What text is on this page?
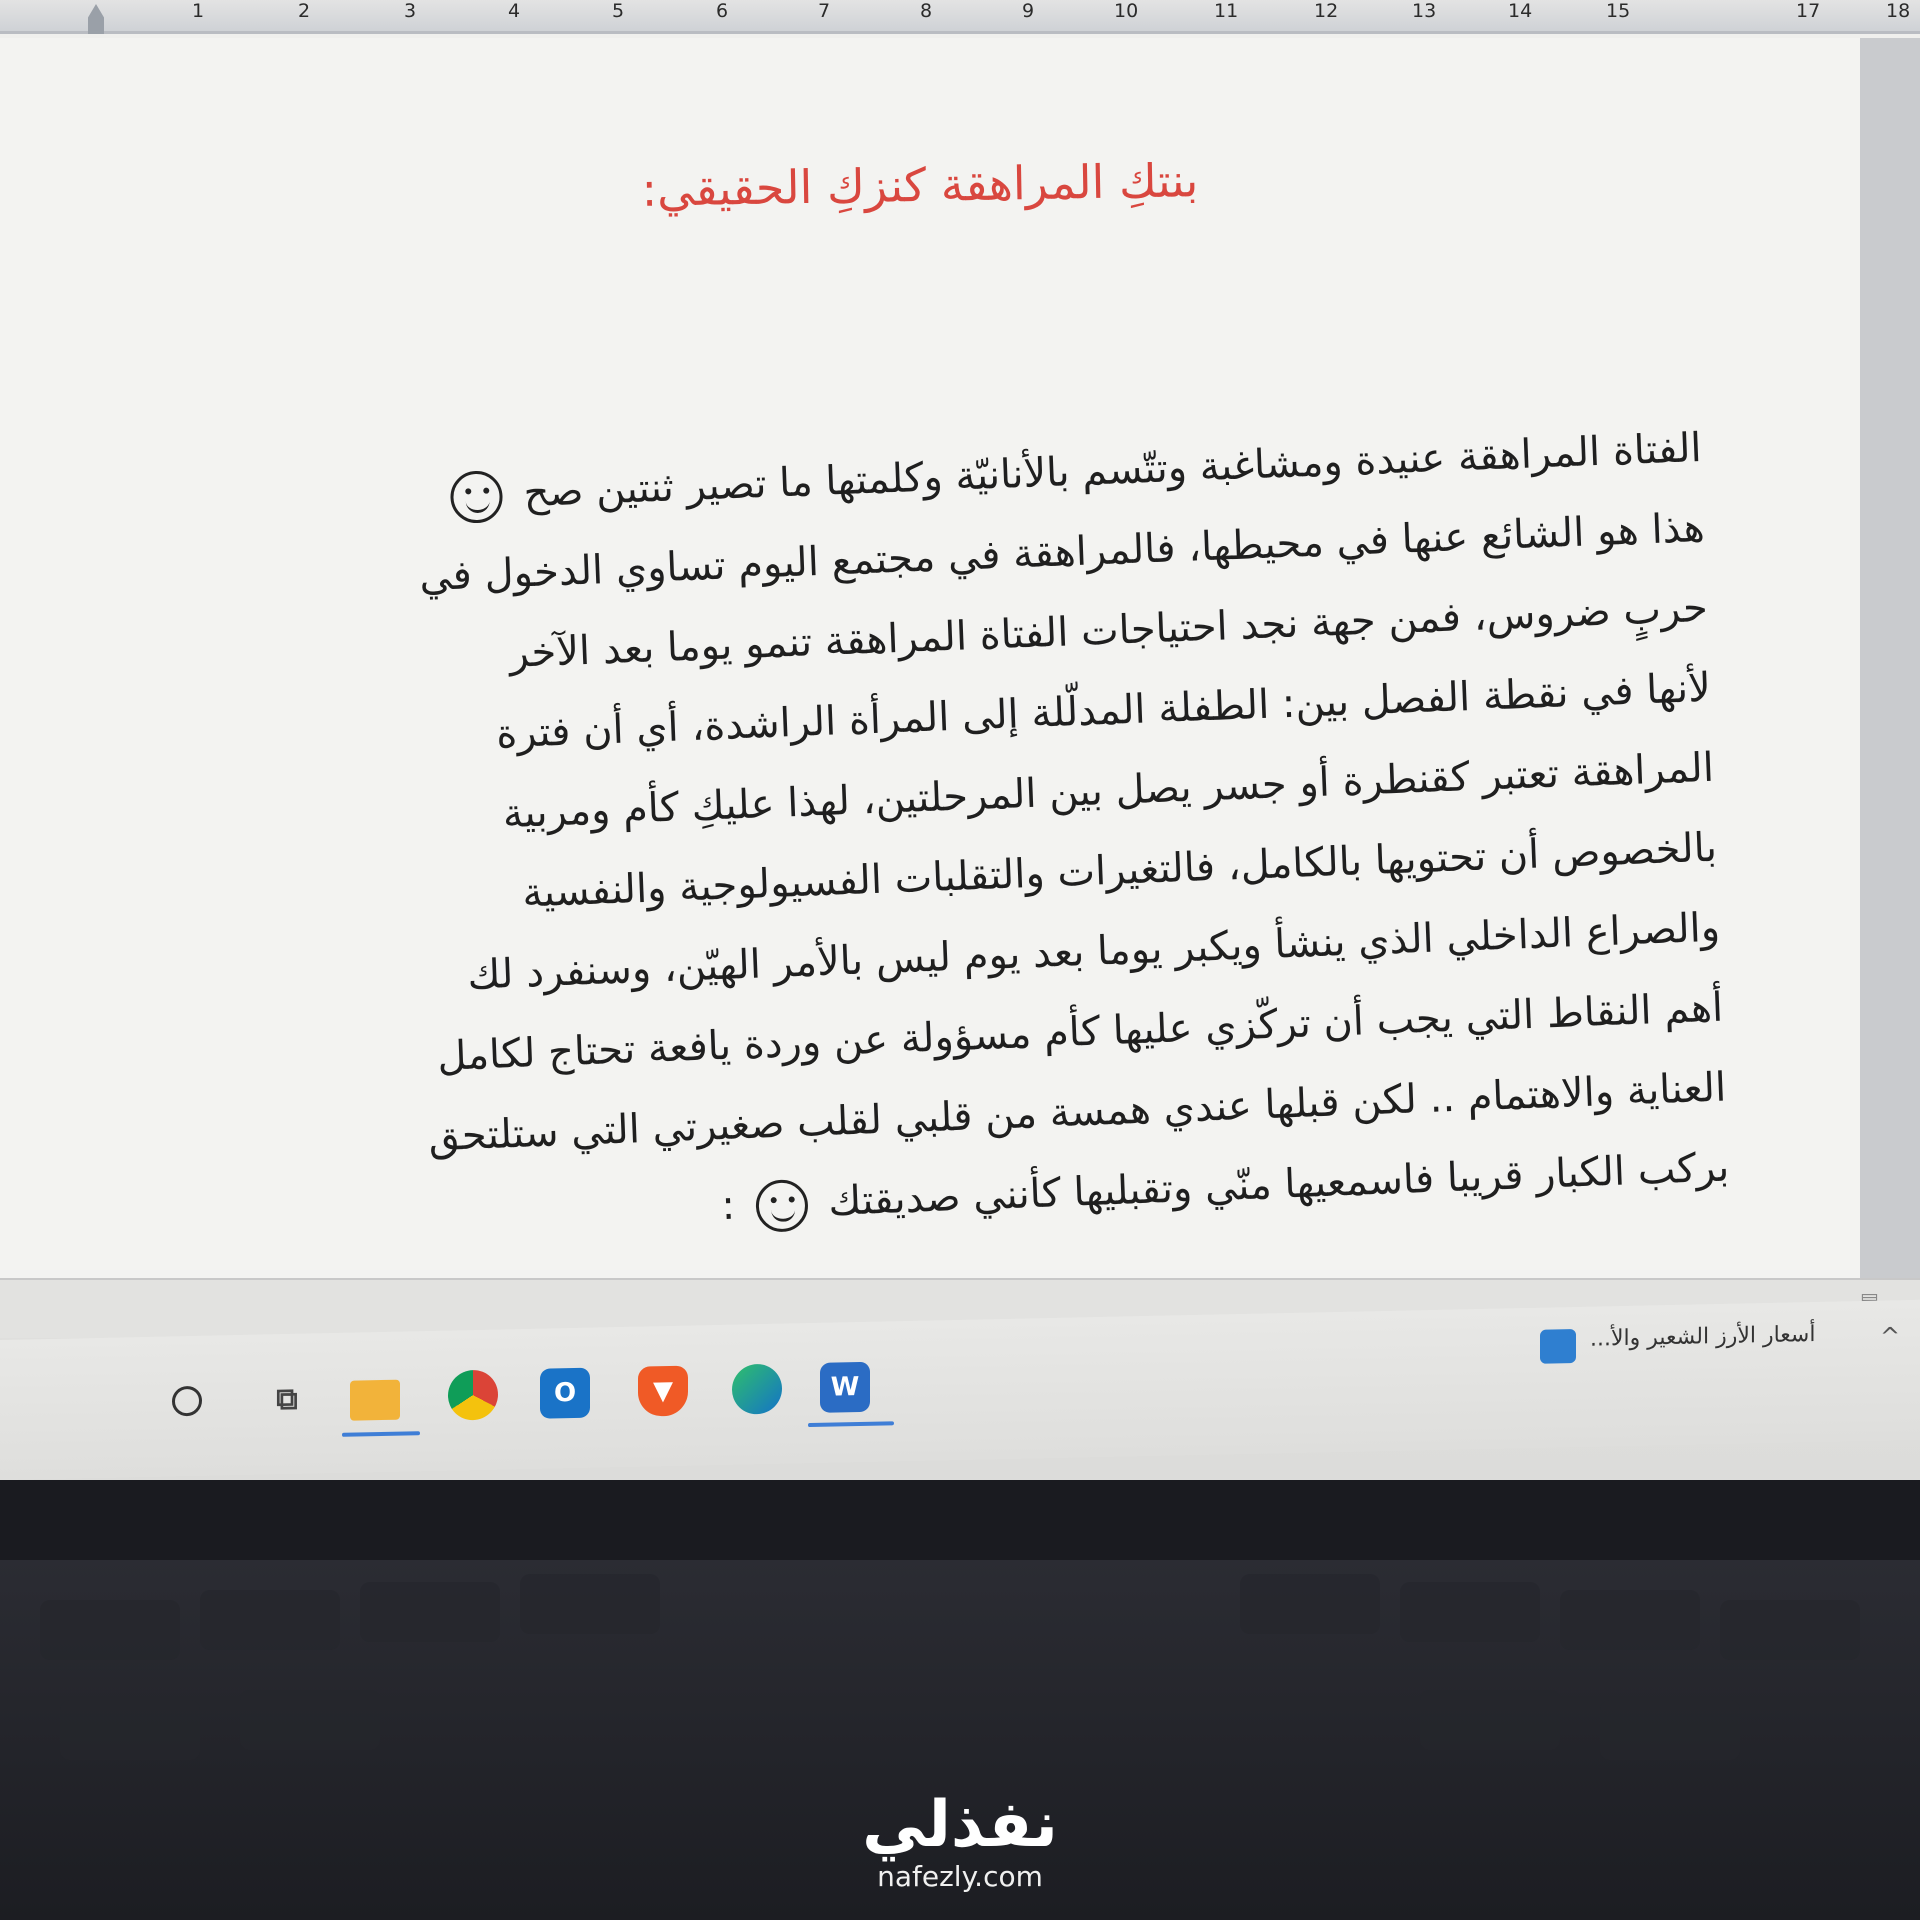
1	2	3	4	5	6	7	8	9	10	11	12	13	14	15	17	18
بنتكِ المراهقة كنزكِ الحقيقي:
الفتاة المراهقة عنيدة ومشاغبة وتتّسم بالأنانيّة وكلمتها ما تصير ثنتين صح
هذا هو الشائع عنها في محيطها، فالمراهقة في مجتمع اليوم تساوي الدخول في
حربٍ ضروس، فمن جهة نجد احتياجات الفتاة المراهقة تنمو يوما بعد الآخر
لأنها في نقطة الفصل بين: الطفلة المدلّلة إلى المرأة الراشدة، أي أن فترة
المراهقة تعتبر كقنطرة أو جسر يصل بين المرحلتين، لهذا عليكِ كأم ومربية
بالخصوص أن تحتويها بالكامل، فالتغيرات والتقلبات الفسيولوجية والنفسية
والصراع الداخلي الذي ينشأ ويكبر يوما بعد يوم ليس بالأمر الهيّن، وسنفرد لك
أهم النقاط التي يجب أن تركّزي عليها كأم مسؤولة عن وردة يافعة تحتاج لكامل
العناية والاهتمام .. لكن قبلها عندي همسة من قلبي لقلب صغيرتي التي ستلتحق
بركب الكبار قريبا فاسمعيها منّي وتقبليها كأنني صديقتك  :
⧉	O	▼	W
أسعار الأرز الشعير والأ...	^
نفذلي
nafezly.com
